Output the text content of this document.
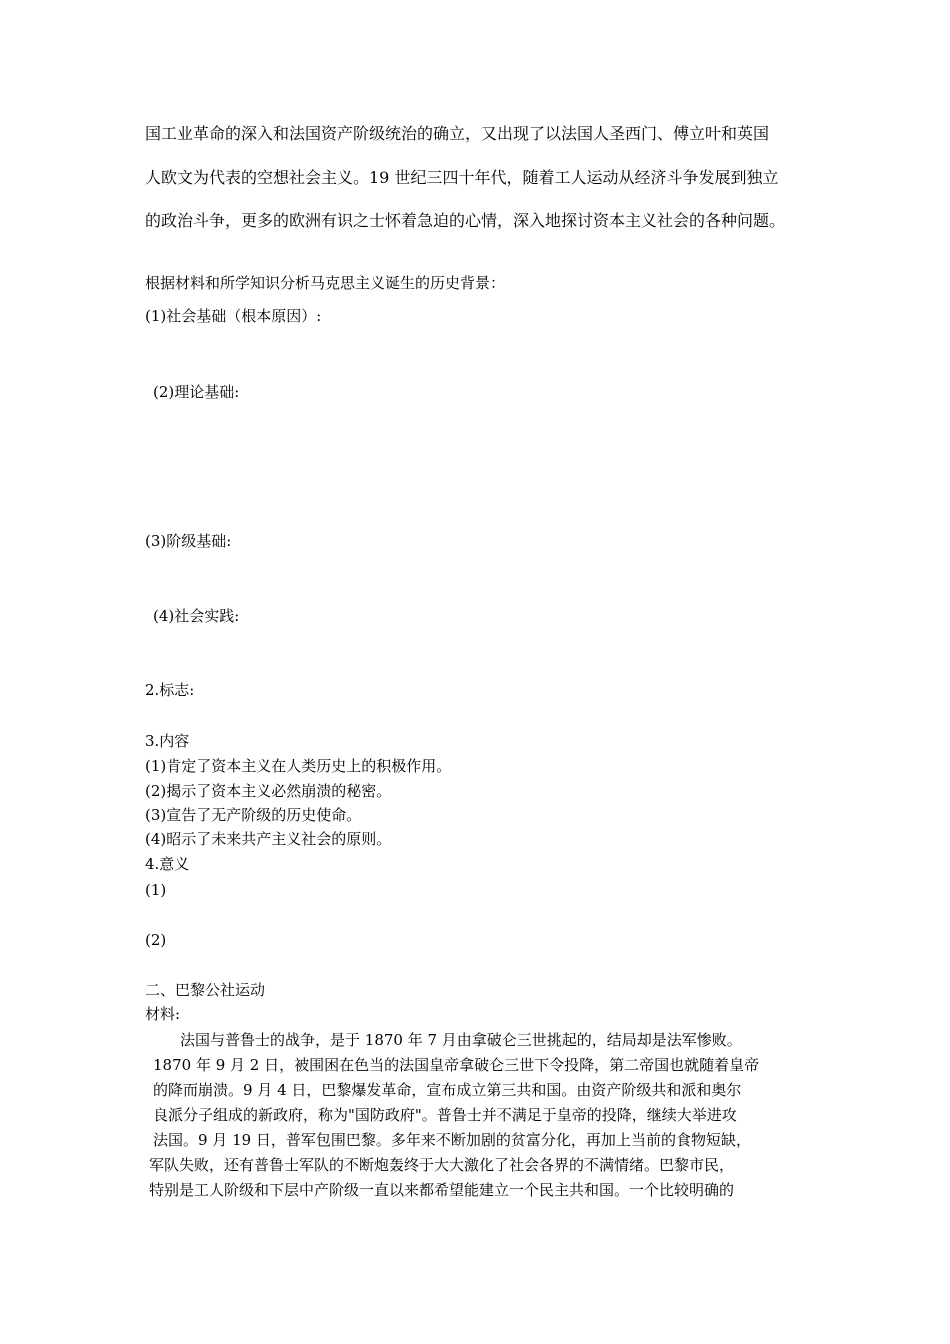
国工业革命的深入和法国资产阶级统治的确立，又出现了以法国人圣西门、傅立叶和英国
人欧文为代表的空想社会主义。19 世纪三四十年代，随着工人运动从经济斗争发展到独立
的政治斗争，更多的欧洲有识之士怀着急迫的心情，深入地探讨资本主义社会的各种问题。
根据材料和所学知识分析马克思主义诞生的历史背景：
(1)社会基础（根本原因）:
(2)理论基础:
(3)阶级基础:
(4)社会实践:
2.标志:
3.内容
(1)肯定了资本主义在人类历史上的积极作用。
(2)揭示了资本主义必然崩溃的秘密。
(3)宣告了无产阶级的历史使命。
(4)昭示了未来共产主义社会的原则。
4.意义
(1)
(2)
二、巴黎公社运动
材料:
法国与普鲁士的战争，是于 1870 年 7 月由拿破仑三世挑起的，结局却是法军惨败。
1870 年 9 月 2 日，被围困在色当的法国皇帝拿破仑三世下令投降，第二帝国也就随着皇帝
的降而崩溃。9 月 4 日，巴黎爆发革命，宣布成立第三共和国。由资产阶级共和派和奥尔
良派分子组成的新政府，称为"国防政府"。普鲁士并不满足于皇帝的投降，继续大举进攻
法国。9 月 19 日，普军包围巴黎。多年来不断加剧的贫富分化，再加上当前的食物短缺，
军队失败，还有普鲁士军队的不断炮轰终于大大激化了社会各界的不满情绪。巴黎市民，
特别是工人阶级和下层中产阶级一直以来都希望能建立一个民主共和国。一个比较明确的
